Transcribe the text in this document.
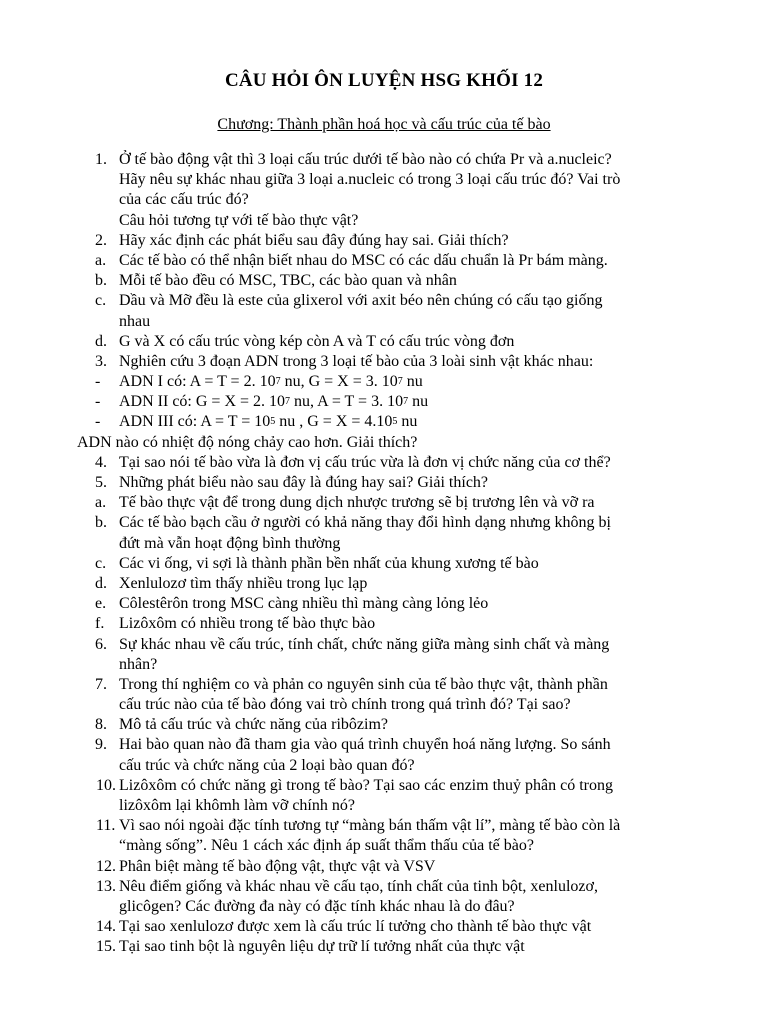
CÂU HỎI ÔN LUYỆN HSG KHỐI 12
Chương: Thành phần hoá học và cấu trúc của tế bào
1. Ở tế bào động vật thì 3 loại cấu trúc dưới tế bào nào có chứa Pr và a.nucleic?
Hãy nêu sự khác nhau giữa 3 loại a.nucleic có trong 3 loại cấu trúc đó? Vai trò
của các cấu trúc đó?
Câu hỏi tương tự với tế bào thực vật?
2. Hãy xác định các phát biểu sau đây đúng hay sai. Giải thích?
a. Các tế bào có thể nhận biết nhau do MSC có các dấu chuẩn là Pr bám màng.
b. Mỗi tế bào đều có MSC, TBC, các bào quan và nhân
c. Dầu và Mỡ đều là este của glixerol với axit béo nên chúng có cấu tạo giống
nhau
d. G và X có cấu trúc vòng kép còn A và T có cấu trúc vòng đơn
3. Nghiên cứu 3 đoạn ADN trong 3 loại tế bào của 3 loài sinh vật khác nhau:
- ADN I có: A = T = 2. $10^7$ nu, G = X = 3. $10^7$ nu
- ADN II có: G = X = 2. $10^7$ nu, A = T = 3. $10^7$ nu
- ADN III có: $A = T = 10^5$ nu , $G = X = 4.10^5$ nu
ADN nào có nhiệt độ nóng chảy cao hơn. Giải thích?
4. Tại sao nói tế bào vừa là đơn vị cấu trúc vừa là đơn vị chức năng của cơ thể?
5. Những phát biểu nào sau đây là đúng hay sai? Giải thích?
a. Tế bào thực vật để trong dung dịch nhược trương sẽ bị trương lên và vỡ ra
b. Các tế bào bạch cầu ở người có khả năng thay đổi hình dạng nhưng không bị
đứt mà vẫn hoạt động bình thường
c. Các vi ống, vi sợi là thành phần bền nhất của khung xương tế bào
d. Xenlulozơ tìm thấy nhiều trong lục lạp
e. Côlestêrôn trong MSC càng nhiều thì màng càng lỏng lẻo
f. Lizôxôm có nhiều trong tế bào thực bào
6. Sự khác nhau về cấu trúc, tính chất, chức năng giữa màng sinh chất và màng
nhân?
7. Trong thí nghiệm co và phản co nguyên sinh của tế bào thực vật, thành phần
cấu trúc nào của tế bào đóng vai trò chính trong quá trình đó? Tại sao?
8. Mô tả cấu trúc và chức năng của ribôzim?
9. Hai bào quan nào đã tham gia vào quá trình chuyển hoá năng lượng. So sánh
cấu trúc và chức năng của 2 loại bào quan đó?
10. Lizôxôm có chức năng gì trong tế bào? Tại sao các enzim thuỷ phân có trong
lizôxôm lại khômh làm vỡ chính nó?
11. Vì sao nói ngoài đặc tính tương tự “màng bán thấm vật lí”, màng tế bào còn là
“màng sống”. Nêu 1 cách xác định áp suất thẩm thấu của tế bào?
12. Phân biệt màng tế bào động vật, thực vật và VSV
13. Nêu điểm giống và khác nhau về cấu tạo, tính chất của tinh bột, xenlulozơ,
glicôgen? Các đường đa này có đặc tính khác nhau là do đâu?
14. Tại sao xenlulozơ được xem là cấu trúc lí tưởng cho thành tế bào thực vật
15. Tại sao tinh bột là nguyên liệu dự trữ lí tưởng nhất của thực vật
